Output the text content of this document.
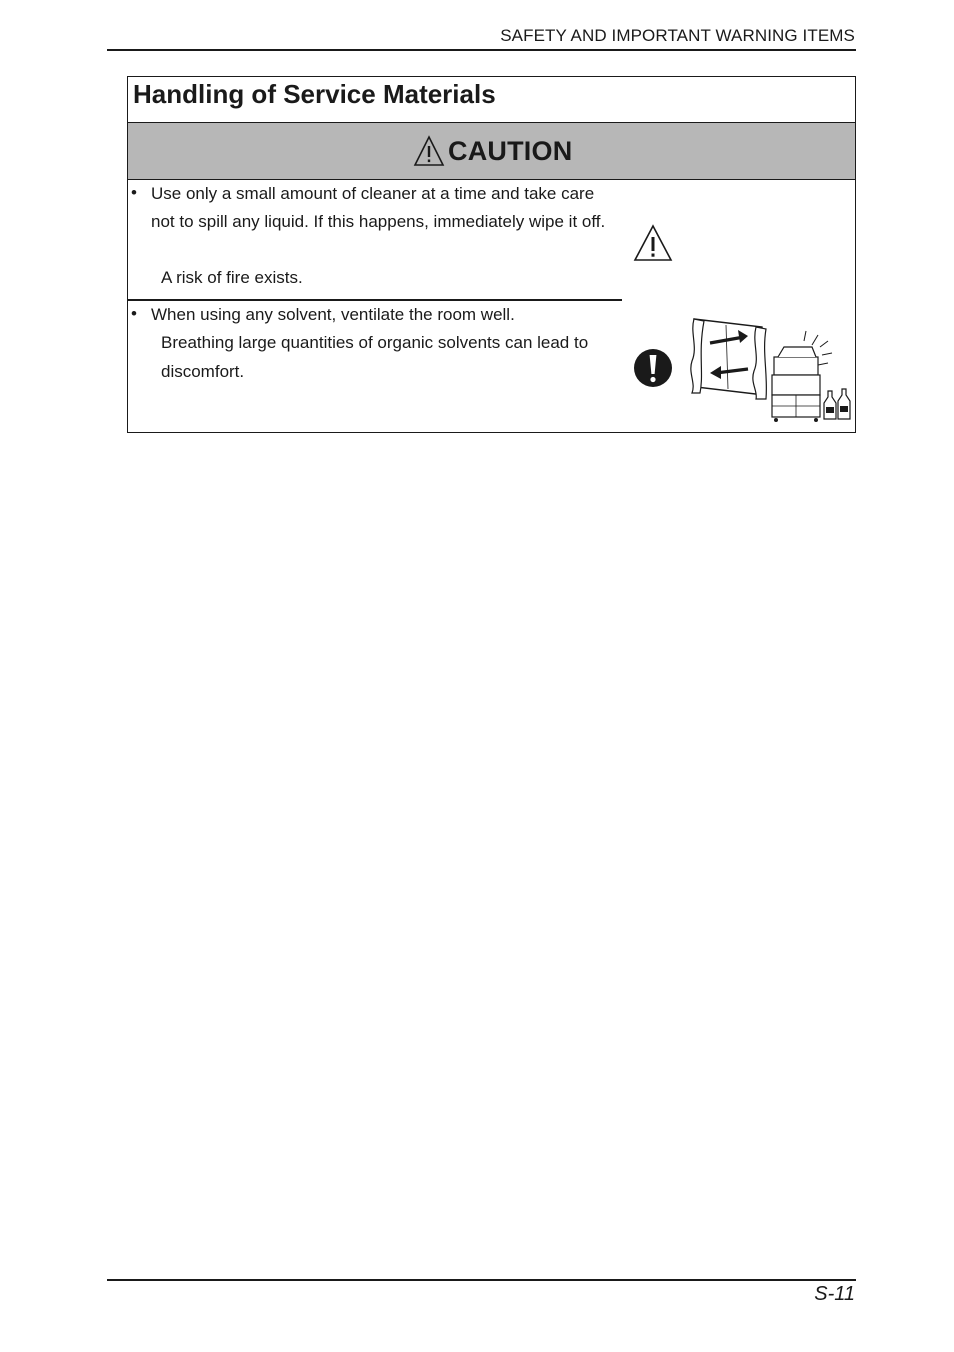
SAFETY AND IMPORTANT WARNING ITEMS
Handling of Service Materials
CAUTION
• Use only a small amount of cleaner at a time and take care not to spill any liquid. If this happens, immediately wipe it off.
A risk of fire exists.
• When using any solvent, ventilate the room well.
Breathing large quantities of organic solvents can lead to discomfort.
S-11
